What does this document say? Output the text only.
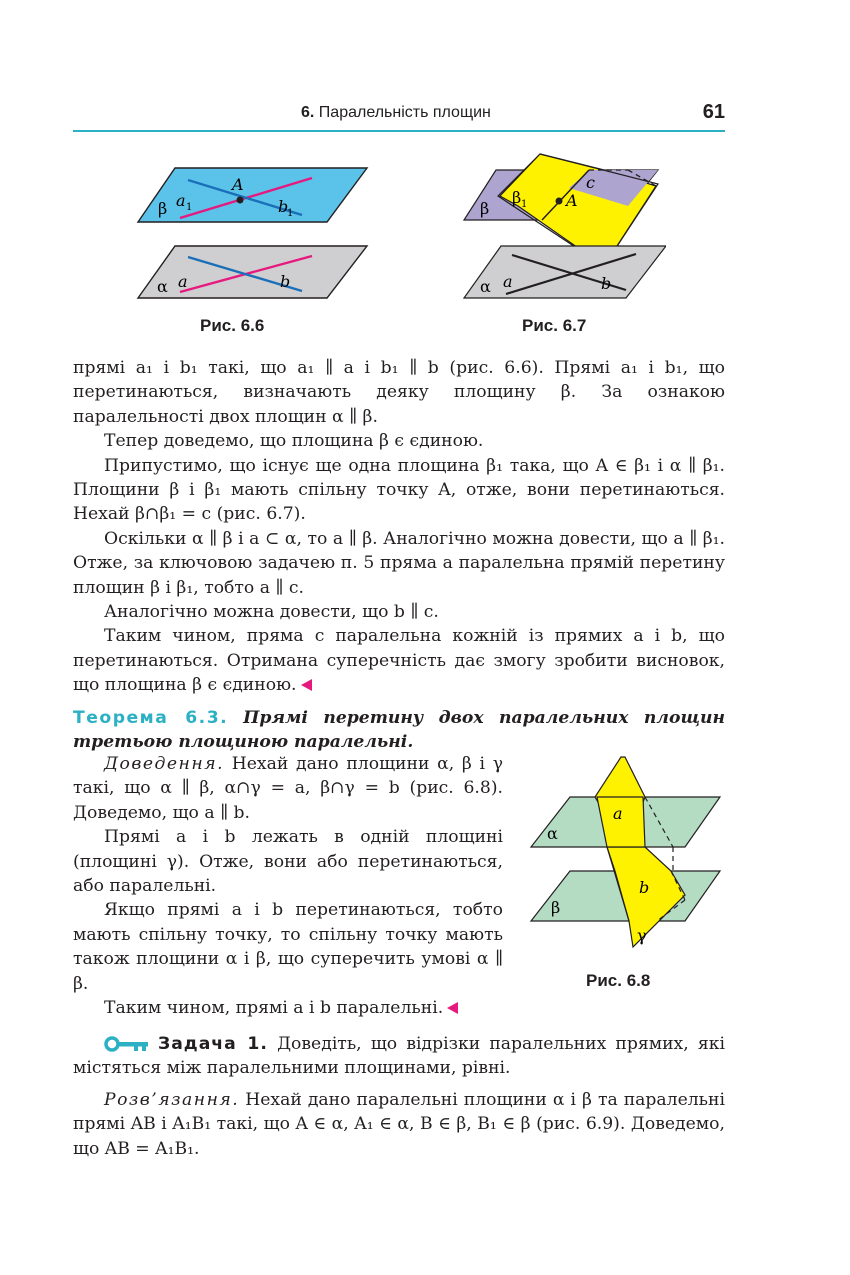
6. Паралельність площин	61
A
β a 1	b
1
α a	b
Рис. 6.6
A
c
β 1
β
α a	b
Рис. 6.7

прямі a₁ і b₁ такі, що a₁ ∥ a і b₁ ∥ b (рис. 6.6). Прямі a₁ і b₁, що перетинаються, визначають деяку площину β. За ознакою паралельності двох площин α ∥ β.

Тепер доведемо, що площина β є єдиною.

Припустимо, що існує ще одна площина β₁ така, що A ∈ β₁ і α ∥ β₁. Площини β і β₁ мають спільну точку A, отже, вони перетинаються. Нехай β∩β₁ = c (рис. 6.7).

Оскільки α ∥ β і a ⊂ α, то a ∥ β. Аналогічно можна довести, що a ∥ β₁. Отже, за ключовою задачею п. 5 пряма a паралельна прямій перетину площин β і β₁, тобто a ∥ c.

Аналогічно можна довести, що b ∥ c.

Таким чином, пряма c паралельна кожній із прямих a і b, що перетинаються. Отримана суперечність дає змогу зробити висновок, що площина β є єдиною.

Теорема 6.3. Прямі перетину двох паралельних площин третьою площиною паралельні.

Доведення. Нехай дано площини α, β і γ такі, що α ∥ β, α∩γ = a, β∩γ = b (рис. 6.8). Доведемо, що a ∥ b.

Прямі a і b лежать в одній площині (площині γ). Отже, вони або перетинаються, або паралельні.

Якщо прямі a і b перетинаються, тобто мають спільну точку, то спільну точку мають також площини α і β, що суперечить умові α ∥ β.

Таким чином, прямі a і b паралельні.

α
β
γ
a
b
Рис. 6.8

Задача 1. Доведіть, що відрізки паралельних прямих, які містяться між паралельними площинами, рівні.

Розв’язання. Нехай дано паралельні площини α і β та паралельні прямі AB і A₁B₁ такі, що A ∈ α, A₁ ∈ α, B ∈ β, B₁ ∈ β (рис. 6.9). Доведемо, що AB = A₁B₁.
